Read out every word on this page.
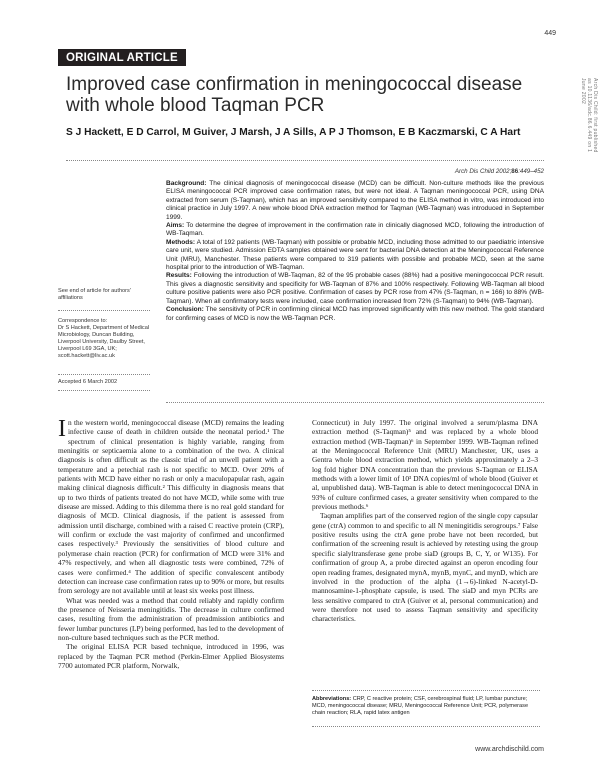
Arch Dis Child: first published as 10.1136/adc.86.6.449 on 1 June 2002
449
ORIGINAL ARTICLE
Improved case confirmation in meningococcal disease with whole blood Taqman PCR
S J Hackett, E D Carrol, M Guiver, J Marsh, J A Sills, A P J Thomson, E B Kaczmarski, C A Hart
Arch Dis Child 2002;86:449–452

Background: The clinical diagnosis of meningococcal disease (MCD) can be difficult. Non-culture methods like the previous ELISA meningococcal PCR improved case confirmation rates, but were not ideal. A Taqman meningococcal PCR, using DNA extracted from serum (S-Taqman), which has an improved sensitivity compared to the ELISA method in vitro, was introduced into clinical practice in July 1997. A new whole blood DNA extraction method for Taqman (WB-Taqman) was introduced in September 1999.

Aims: To determine the degree of improvement in the confirmation rate in clinically diagnosed MCD, following the introduction of WB-Taqman.

Methods: A total of 192 patients (WB-Taqman) with possible or probable MCD, including those admitted to our paediatric intensive care unit, were studied. Admission EDTA samples obtained were sent for bacterial DNA detection at the Meningococcal Reference Unit (MRU), Manchester. These patients were compared to 319 patients with possible and probable MCD, seen at the same hospital prior to the introduction of WB-Taqman.

Results: Following the introduction of WB-Taqman, 82 of the 95 probable cases (88%) had a positive meningococcal PCR result. This gives a diagnostic sensitivity and specificity for WB-Taqman of 87% and 100% respectively. Following WB-Taqman all blood culture positive patients were also PCR positive. Confirmation of cases by PCR rose from 47% (S-Taqman, n = 166) to 88% (WB-Taqman). When all confirmatory tests were included, case confirmation increased from 72% (S-Taqman) to 94% (WB-Taqman).

Conclusion: The sensitivity of PCR in confirming clinical MCD has improved significantly with this new method. The gold standard for confirming cases of MCD is now the WB-Taqman PCR.

See end of article for authors' affiliations
Correspondence to:
Dr S Hackett, Department of Medical Microbiology, Duncan Building, Liverpool University, Daulby Street, Liverpool L69 3GA, UK; scott.hackett@liv.ac.uk
Accepted 6 March 2002

In the western world, meningococcal disease (MCD) remains the leading infective cause of death in children outside the neonatal period.¹ The spectrum of clinical presentation is highly variable, ranging from meningitis or septicaemia alone to a combination of the two. A clinical diagnosis is often difficult as the classic triad of an unwell patient with a temperature and a petechial rash is not specific to MCD. Over 20% of patients with MCD have either no rash or only a maculopapular rash, again making clinical diagnosis difficult.² This difficulty in diagnosis means that up to two thirds of patients treated do not have MCD, while some with true disease are missed. Adding to this dilemma there is no real gold standard for diagnosis of MCD. Clinical diagnosis, if the patient is assessed from admission until discharge, combined with a raised C reactive protein (CRP), will confirm or exclude the vast majority of confirmed and unconfirmed cases respectively.³ Previously the sensitivities of blood culture and polymerase chain reaction (PCR) for confirmation of MCD were 31% and 47% respectively, and when all diagnostic tests were combined, 72% of cases were confirmed.⁴ The addition of specific convalescent antibody detection can increase case confirmation rates up to 90% or more, but results from serology are not available until at least six weeks post illness.

What was needed was a method that could reliably and rapidly confirm the presence of Neisseria meningitidis. The decrease in culture confirmed cases, resulting from the administration of preadmission antibiotics and fewer lumbar punctures (LP) being performed, has led to the development of non-culture based techniques such as the PCR method.

The original ELISA PCR based technique, introduced in 1996, was replaced by the Taqman PCR method (Perkin-Elmer Applied Biosystems 7700 automated PCR platform, Norwalk,

Connecticut) in July 1997. The original involved a serum/plasma DNA extraction method (S-Taqman)⁵ and was replaced by a whole blood extraction method (WB-Taqman)⁶ in September 1999. WB-Taqman refined at the Meningococcal Reference Unit (MRU) Manchester, UK, uses a Gentra whole blood extraction method, which yields approximately a 2–3 log fold higher DNA concentration than the previous S-Taqman or ELISA methods with a lower limit of 10³ DNA copies/ml of whole blood (Guiver et al, unpublished data). WB-Taqman is able to detect meningococcal DNA in 93% of culture confirmed cases, a greater sensitivity when compared to the previous methods.⁶

Taqman amplifies part of the conserved region of the single copy capsular gene (ctrA) common to and specific to all N meningitidis serogroups.⁷ False positive results using the ctrA gene probe have not been recorded, but confirmation of the screening result is achieved by retesting using the group specific sialyltransferase gene probe siaD (groups B, C, Y, or W135). For confirmation of group A, a probe directed against an operon encoding four open reading frames, designated mynA, mynB, mynC, and mynD, which are involved in the production of the alpha (1→6)-linked N-acetyl-D-mannosamine-1-phosphate capsule, is used. The siaD and myn PCRs are less sensitive compared to ctrA (Guiver et al, personal communication) and were therefore not used to assess Taqman sensitivity and specificity characteristics.

Abbreviations: CRP, C reactive protein; CSF, cerebrospinal fluid; LP, lumbar puncture; MCD, meningococcal disease; MRU, Meningococcal Reference Unit; PCR, polymerase chain reaction; RLA, rapid latex antigen
www.archdischild.com
